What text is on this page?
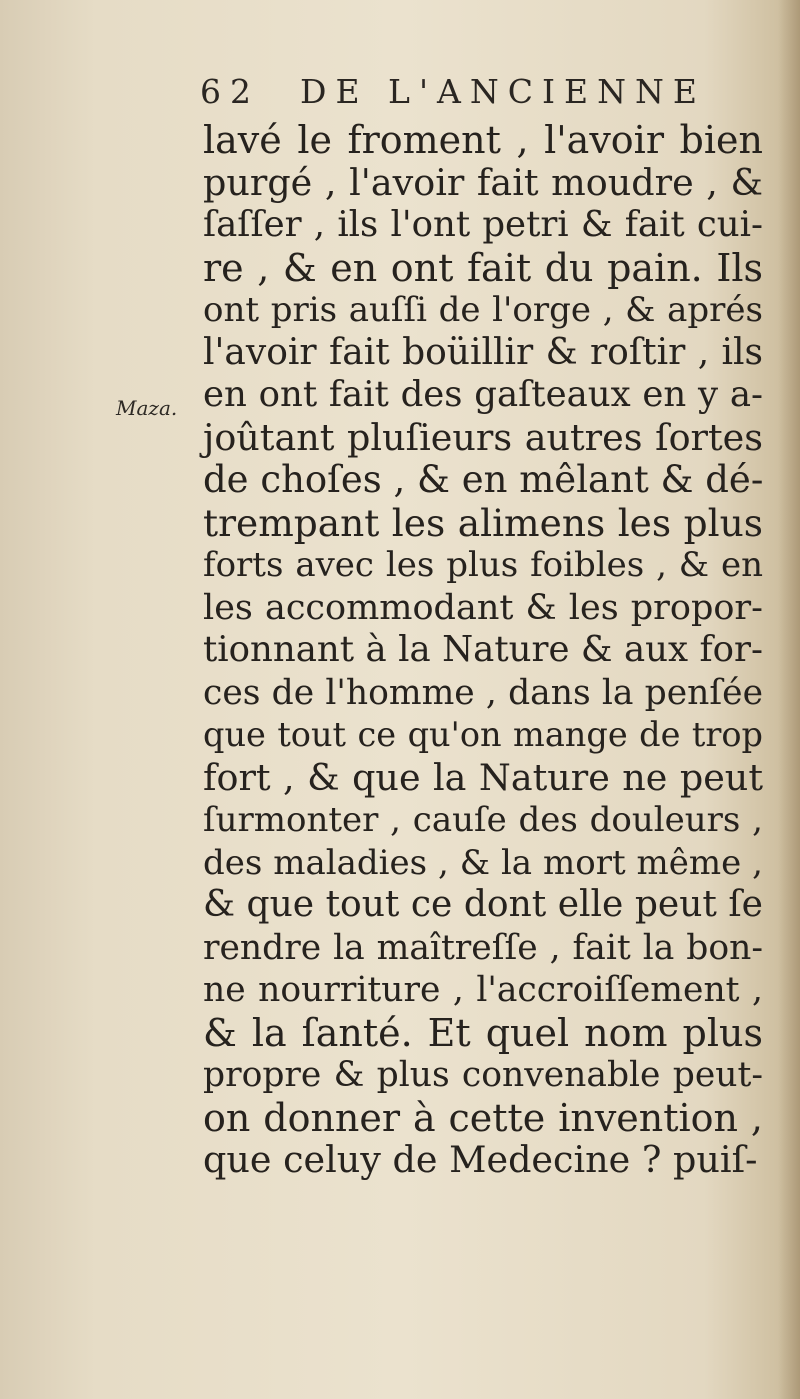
62 DE L'ANCIENNE
Maza.
lavé le froment , l'avoir bien
purgé , l'avoir fait moudre , &
ſaſſer , ils l'ont petri & fait cui-
re , & en ont fait du pain. Ils
ont pris auſſi de l'orge , & aprés
l'avoir fait boüillir & roſtir , ils
en ont fait des gaſteaux en y a-
joûtant pluſieurs autres ſortes
de choſes , & en mêlant & dé-
trempant les alimens les plus
forts avec les plus foibles , & en
les accommodant & les propor-
tionnant à la Nature & aux for-
ces de l'homme , dans la penſée
que tout ce qu'on mange de trop
fort , & que la Nature ne peut
ſurmonter , cauſe des douleurs ,
des maladies , & la mort même ,
& que tout ce dont elle peut ſe
rendre la maîtreſſe , fait la bon-
ne nourriture , l'accroiſſement ,
& la ſanté. Et quel nom plus
propre & plus convenable peut-
on donner à cette invention ,
que celuy de Medecine ? puiſ-
